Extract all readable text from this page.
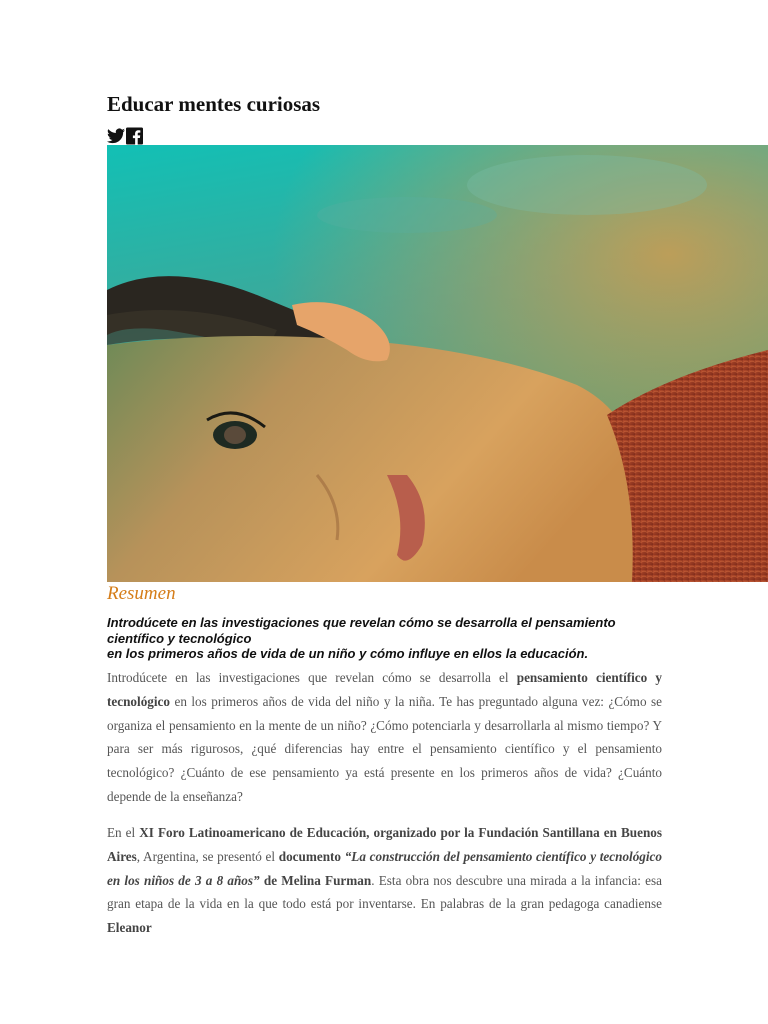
Educar mentes curiosas
Resumen

Introdúcete en las investigaciones que revelan cómo se desarrolla el pensamiento
científico y tecnológico
en los primeros años de vida de un niño y cómo influye en ellos la educación.

Introdúcete en las investigaciones que revelan cómo se desarrolla el pensamiento científico y tecnológico en los primeros años de vida del niño y la niña. Te has preguntado alguna vez: ¿Cómo se organiza el pensamiento en la mente de un niño? ¿Cómo potenciarla y desarrollarla al mismo tiempo? Y para ser más rigurosos, ¿qué diferencias hay entre el pensamiento científico y el pensamiento tecnológico? ¿Cuánto de ese pensamiento ya está presente en los primeros años de vida? ¿Cuánto depende de la enseñanza?

En el XI Foro Latinoamericano de Educación, organizado por la Fundación Santillana en Buenos Aires, Argentina, se presentó el documento “La construcción del pensamiento científico y tecnológico en los niños de 3 a 8 años” de Melina Furman. Esta obra nos descubre una mirada a la infancia: esa gran etapa de la vida en la que todo está por inventarse. En palabras de la gran pedagoga canadiense Eleanor
